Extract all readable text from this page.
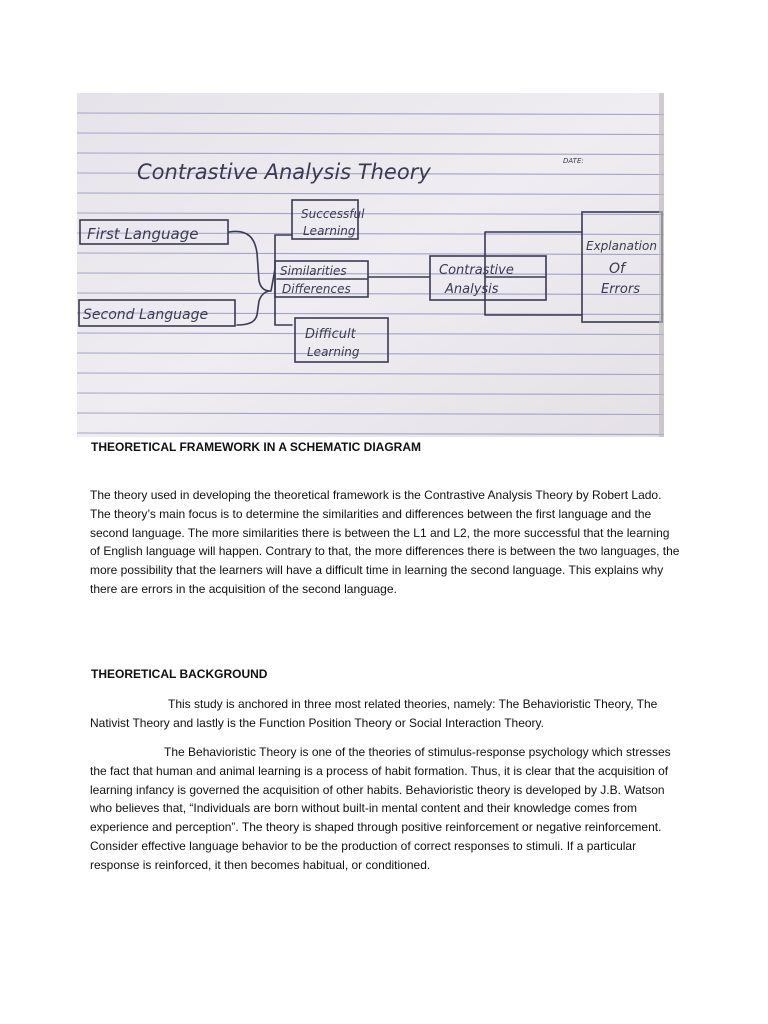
Contrastive Analysis Theory	DATE:
First Language
Second Language
Successful
Learning
Similarities
Differences
Difficult
Learning
Contrastive
Analysis
Explanation
Of
Errors
THEORETICAL FRAMEWORK IN A SCHEMATIC DIAGRAM

The theory used in developing the theoretical framework is the Contrastive Analysis Theory by Robert Lado. The theory’s main focus is to determine the similarities and differences between the first language and the second language. The more similarities there is between the L1 and L2, the more successful that the learning of English language will happen. Contrary to that, the more differences there is between the two languages, the more possibility that the learners will have a difficult time in learning the second language. This explains why there are errors in the acquisition of the second language.

THEORETICAL BACKGROUND

This study is anchored in three most related theories, namely: The Behavioristic Theory, The Nativist Theory and lastly is the Function Position Theory or Social Interaction Theory.

The Behavioristic Theory is one of the theories of stimulus-response psychology which stresses the fact that human and animal learning is a process of habit formation. Thus, it is clear that the acquisition of learning infancy is governed the acquisition of other habits. Behavioristic theory is developed by J.B. Watson who believes that, “Individuals are born without built-in mental content and their knowledge comes from experience and perception”. The theory is shaped through positive reinforcement or negative reinforcement. Consider effective language behavior to be the production of correct responses to stimuli. If a particular response is reinforced, it then becomes habitual, or conditioned.
